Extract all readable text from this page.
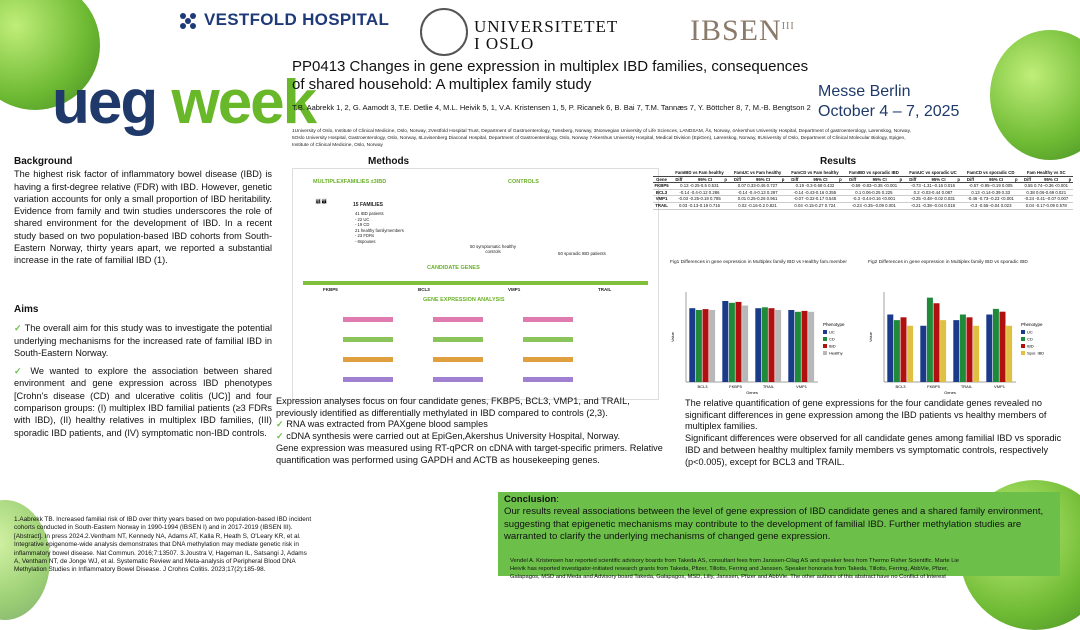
VESTFOLD HOSPITAL	UNIVERSITETET
I OSLO	$IBSEN^{III}$
ueg week
PP0413 Changes in gene expression in multiplex IBD families, consequences of shared household: A multiplex family study
T.B. Aabrekk 1, 2, G. Aamodt 3, T.E. Detlie 4, M.L. Heivik 5, 1, V.A. Kristensen 1, 5, P. Ricanek 6, B. Bai 7, T.M. Tannæs 7, Y. Böttcher 8, 7, M.-B. Bengtson 2
1University of Oslo, Institute of Clinical Medicine, Oslo, Norway, 2Vestfold Hospital Trust, Department of Gastroenterology, Tønsberg, Norway, 3Norwegian University of Life Sciences, LANDSAM, Ås, Norway, 4Akershus University Hospital, Department of gastroenterology, Lørenskog, Norway, 5Oslo University Hospital, Gastroenterology, Oslo, Norway, 6Lovisenberg Diaconal Hospital, Department of Gastroenterology, Oslo, Norway 7Akershus University Hospital, Medical Division (EpiGen), Lørenskog, Norway, 8University of Oslo, Department of Clinical Molecular Biology, Epigen, Institute of Clinical Medicine, Oslo, Norway
Messe Berlin
October 4 – 7, 2025
Background
The highest risk factor of inflammatory bowel disease (IBD) is having a first-degree relative (FDR) with IBD. However, genetic variation accounts for only a small proportion of IBD heritability. Evidence from family and twin studies underscores the role of shared environment for the development of IBD. In a recent study based on two population-based IBD cohorts from South-Eastern Norway, thirty years apart, we reported a substantial increase in the rate of familial IBD (1).
Aims

✓ The overall aim for this study was to investigate the potential underlying mechanisms for the increased rate of familial IBD in South-Eastern Norway.

✓ We wanted to explore the association between shared environment and gene expression across IBD phenotypes [Crohn's disease (CD) and ulcerative colitis (UC)] and four comparison groups: (I) multiplex IBD familial patients (≥3 FDRs with IBD), (II) healthy relatives in multiplex IBD families, (III) sporadic IBD patients, and (IV) symptomatic non-IBD controls.

1.Aabrekk TB. Increased familial risk of IBD over thirty years based on two population-based IBD incident cohorts conducted in South-Eastern Norway in 1990-1994 (IBSEN I) and in 2017-2019 (IBSEN III). [Abstract]. In press 2024.2.Ventham NT, Kennedy NA, Adams AT, Kalla R, Heath S, O'Leary KR, et al. Integrative epigenome-wide analysis demonstrates that DNA methylation may mediate genetic risk in inflammatory bowel disease. Nat Commun. 2016;7:13507. 3.Joustra V, Hageman IL, Satsangi J, Adams A, Ventham NT, de Jonge WJ, et al. Systematic Review and Meta-analysis of Peripheral Blood DNA Methylation Studies in Inflammatory Bowel Disease. J Crohns Colitis. 2023;17(2):185-98.
Methods
MULTIPLEXFAMILIES ±3IBD	CONTROLS
👨‍👩‍👧‍👦👨‍👩‍👦	15 FAMILIES
41 IBD patients
- 22 UC
- 19 CD
21 healthy familymembers
- 23 FDRs
- 8spouses
50 symptomatic healthy controls	50 sporadic IBD patients
CANDIDATE GENES
FKBP5	BCL3	VMP1	TRAIL
GENE EXPRESSION ANALYSIS

Expression analyses focus on four candidate genes, FKBP5, BCL3, VMP1, and TRAIL, previously identified as differentially methylated in IBD compared to controls (2,3).

✓ RNA was extracted from PAXgene blood samples

✓ cDNA synthesis were carried out at EpiGen,Akershus University Hospital, Norway.

Gene expression was measured using RT-qPCR on cDNA with target-specific primers. Relative quantification was performed using GAPDH and ACTB as housekeeping genes.

Results
	FamIBD vs Fam healthy			FamUC vs Fam healthy			FamCD vs Fam healthy			FamIBD vs sporadic IBD			FamUC vs sporadic UC			FamCD vs sporadic CD			Fam Healthy vs SC		
Gene	Diff	95% CI	p	Diff	95% CI	p	Diff	95% CI	p	Diff	95% CI	p	Diff	95% CI	p	Diff	95% CI	p	Diff	95% CI	p
FKBP5	0.13 -0.25-0.5 0.531			0.07 0.33-0.46 0.727			0.19 -0.3-0.68 0.432			-0.59 -0.83--0.35 <0.001			-0.73 -1.31--0.16 0.016			-0.57 -0.95--0.19 0.005			0.55 0.74--0.36 <0.001		
BCL3	-0.14 -0.4-0.12 0.286			-0.14 -0.4-0.13 0.297			-0.14 -0.43-0.16 0.355			0.1 0.06-0.25 0.225			0.2 -0.03-0.44 0.087			0.13 -0.14-0.39 0.33			0.38 0.06-0.69 0.021		
VMP1	-0.03 -0.25-0.19 0.785			0.01 0.25-0.26 0.961			-0.07 -0.32-0.17 0.545			-0.3 -0.44-0.16 <0.001			-0.25 -0.48--0.02 0.031			-0.46 -0.73--0.23 <0.001			-0.24 -0.41--0.07 0.007		
TRAIL	0.03 -0.13-0.19 0.716			0.02 -0.16-0.2 0.821			0.04 -0.15-0.27 0.724			-0.23 -0.35--0.09 0.001			-0.21 -0.38--0.04 0.018			-0.3 -0.55--0.04 0.023			0.04 -0.17-0.09 0.578		
Fig1 Differences in gene expression in Multiplex family IBD vs Healthy fam.member	Fig2 Differences in gene expression in Multiplex family IBD vs sporadic IBD
BCL3	FKBP5	TRAIL	VMP1
Genes
Value
Phenotype
UC
CD
IBD
Healthy
BCL3	FKBP5	TRAIL	VMP1
Genes
Value
Phenotype
UC
CD
IBD
Spor. IBD

The relative quantification of gene expressions for the four candidate genes revealed no significant differences in gene expression among the IBD patients vs healthy members of multiplex families.

Significant differences were observed for all candidate genes among familial IBD vs sporadic IBD and between healthy multiplex family members vs symptomatic controls, respectively (p<0.005), except for BCL3 and TRAIL.

Conclusion:
Our results reveal associations between the level of gene expression of IBD candidate genes and a shared family environment, suggesting that epigenetic mechanisms may contribute to the development of familial IBD. Further methylation studies are warranted to clarify the underlying mechanisms of changed gene expression.
Vendel A. Kristensen har reported scientific advisory boards from Takeda AS, consultant fees from Janssen-Cilag AS and speaker fees from Thermo Fisher Scientific. Marte Lie Heivik has reported investigator-initiated research grants from Takeda, Pfizer, Tillotts, Ferring and Janssen. Speaker honoraria from Takeda, Tillotts, Ferring, AbbVie, Pfizer, Galapagos, MSD and Meda and Advisory board Takeda, Galapagos, MSD, Lilly, Janssen, Pfizer and AbbVie. The other authors of this abstract have no Conflict of Interest
